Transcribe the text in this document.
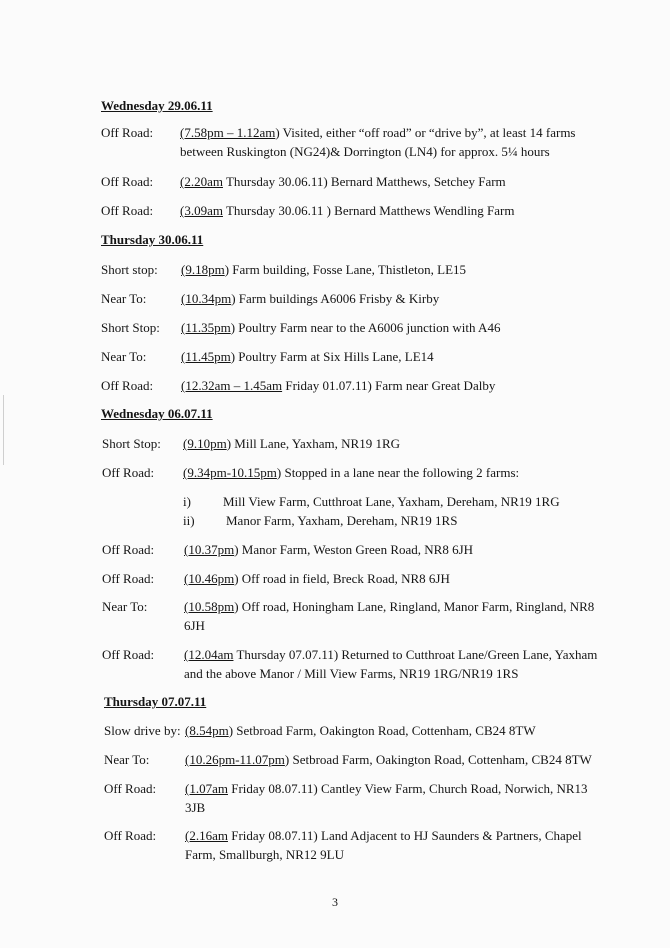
Wednesday 29.06.11
Off Road:	(7.58pm – 1.12am) Visited, either “off road” or “drive by”, at least 14 farms between Ruskington (NG24)& Dorrington (LN4) for approx. 5¼ hours
Off Road:	(2.20am Thursday 30.06.11) Bernard Matthews, Setchey Farm
Off Road:	(3.09am Thursday 30.06.11 ) Bernard Matthews Wendling Farm
Thursday 30.06.11
Short stop:	(9.18pm) Farm building, Fosse Lane, Thistleton, LE15
Near To:	(10.34pm) Farm buildings A6006 Frisby & Kirby
Short Stop:	(11.35pm) Poultry Farm near to the A6006 junction with A46
Near To:	(11.45pm) Poultry Farm at Six Hills Lane, LE14
Off Road:	(12.32am – 1.45am Friday 01.07.11) Farm near Great Dalby
Wednesday 06.07.11
Short Stop:	(9.10pm) Mill Lane, Yaxham, NR19 1RG
Off Road:	(9.34pm-10.15pm) Stopped in a lane near the following 2 farms:
i)	Mill View Farm, Cutthroat Lane, Yaxham, Dereham, NR19 1RG
ii)	Manor Farm, Yaxham, Dereham, NR19 1RS
Off Road:	(10.37pm) Manor Farm, Weston Green Road, NR8 6JH
Off Road:	(10.46pm) Off road in field, Breck Road, NR8 6JH
Near To:	(10.58pm) Off road, Honingham Lane, Ringland, Manor Farm, Ringland, NR8 6JH
Off Road:	(12.04am Thursday 07.07.11) Returned to Cutthroat Lane/Green Lane, Yaxham and the above Manor / Mill View Farms, NR19 1RG/NR19 1RS
Thursday 07.07.11
Slow drive by: (8.54pm) Setbroad Farm, Oakington Road, Cottenham, CB24 8TW
Near To:	(10.26pm-11.07pm) Setbroad Farm, Oakington Road, Cottenham, CB24 8TW
Off Road:	(1.07am Friday 08.07.11) Cantley View Farm, Church Road, Norwich, NR13 3JB
Off Road:	(2.16am Friday 08.07.11) Land Adjacent to HJ Saunders & Partners, Chapel Farm, Smallburgh, NR12 9LU
3
